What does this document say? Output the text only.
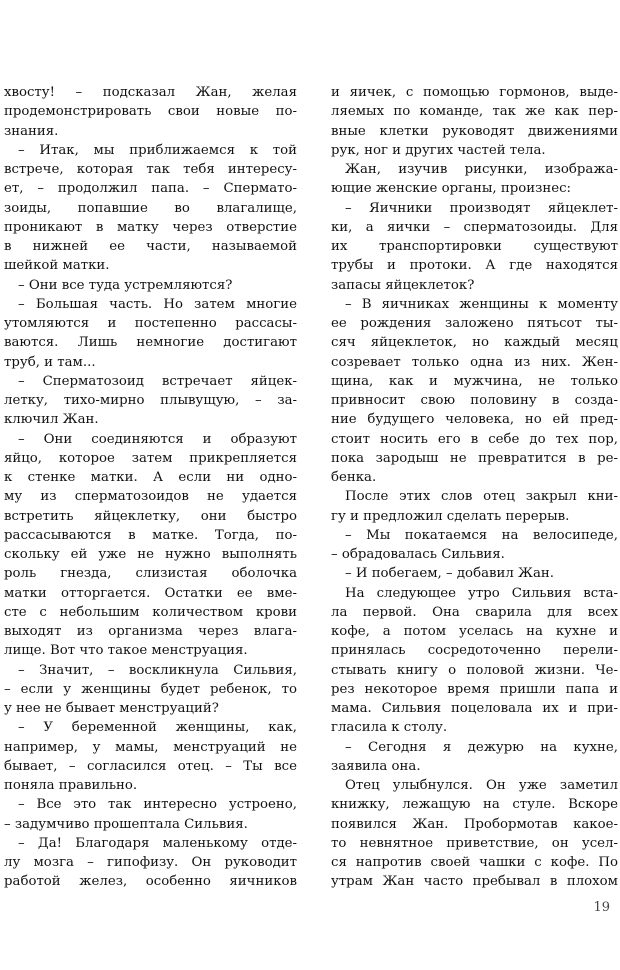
хвосту! – подсказал Жан, желая
продемонстрировать свои новые по-
знания.
– Итак, мы приближаемся к той
встрече, которая так тебя интересу-
ет, – продолжил папа. – Спермато-
зоиды, попавшие во влагалище,
проникают в матку через отверстие
в нижней ее части, называемой
шейкой матки.
– Они все туда устремляются?
– Большая часть. Но затем многие
утомляются и постепенно рассасы-
ваются. Лишь немногие достигают
труб, и там...
– Сперматозоид встречает яйцек-
летку, тихо-мирно плывущую, – за-
ключил Жан.
– Они соединяются и образуют
яйцо, которое затем прикрепляется
к стенке матки. А если ни одно-
му из сперматозоидов не удается
встретить яйцеклетку, они быстро
рассасываются в матке. Тогда, по-
скольку ей уже не нужно выполнять
роль гнезда, слизистая оболочка
матки отторгается. Остатки ее вме-
сте с небольшим количеством крови
выходят из организма через влага-
лище. Вот что такое менструация.
– Значит, – воскликнула Сильвия,
– если у женщины будет ребенок, то
у нее не бывает менструаций?
– У беременной женщины, как,
например, у мамы, менструаций не
бывает, – согласился отец. – Ты все
поняла правильно.
– Все это так интересно устроено,
– задумчиво прошептала Сильвия.
– Да! Благодаря маленькому отде-
лу мозга – гипофизу. Он руководит
работой желез, особенно яичников
и яичек, с помощью гормонов, выде-
ляемых по команде, так же как пер-
вные клетки руководят движениями
рук, ног и других частей тела.
Жан, изучив рисунки, изобража-
ющие женские органы, произнес:
– Яичники производят яйцеклет-
ки, а яички – сперматозоиды. Для
их транспортировки существуют
трубы и протоки. А где находятся
запасы яйцеклеток?
– В яичниках женщины к моменту
ее рождения заложено пятьсот ты-
сяч яйцеклеток, но каждый месяц
созревает только одна из них. Жен-
щина, как и мужчина, не только
привносит свою половину в созда-
ние будущего человека, но ей пред-
стоит носить его в себе до тех пор,
пока зародыш не превратится в ре-
бенка.
После этих слов отец закрыл кни-
гу и предложил сделать перерыв.
– Мы покатаемся на велосипеде,
– обрадовалась Сильвия.
– И побегаем, – добавил Жан.
На следующее утро Сильвия вста-
ла первой. Она сварила для всех
кофе, а потом уселась на кухне и
принялась сосредоточенно перели-
стывать книгу о половой жизни. Че-
рез некоторое время пришли папа и
мама. Сильвия поцеловала их и при-
гласила к столу.
– Сегодня я дежурю на кухне,
заявила она.
Отец улыбнулся. Он уже заметил
книжку, лежащую на стуле. Вскоре
появился Жан. Пробормотав какое-
то невнятное приветствие, он усел-
ся напротив своей чашки с кофе. По
утрам Жан часто пребывал в плохом
19
